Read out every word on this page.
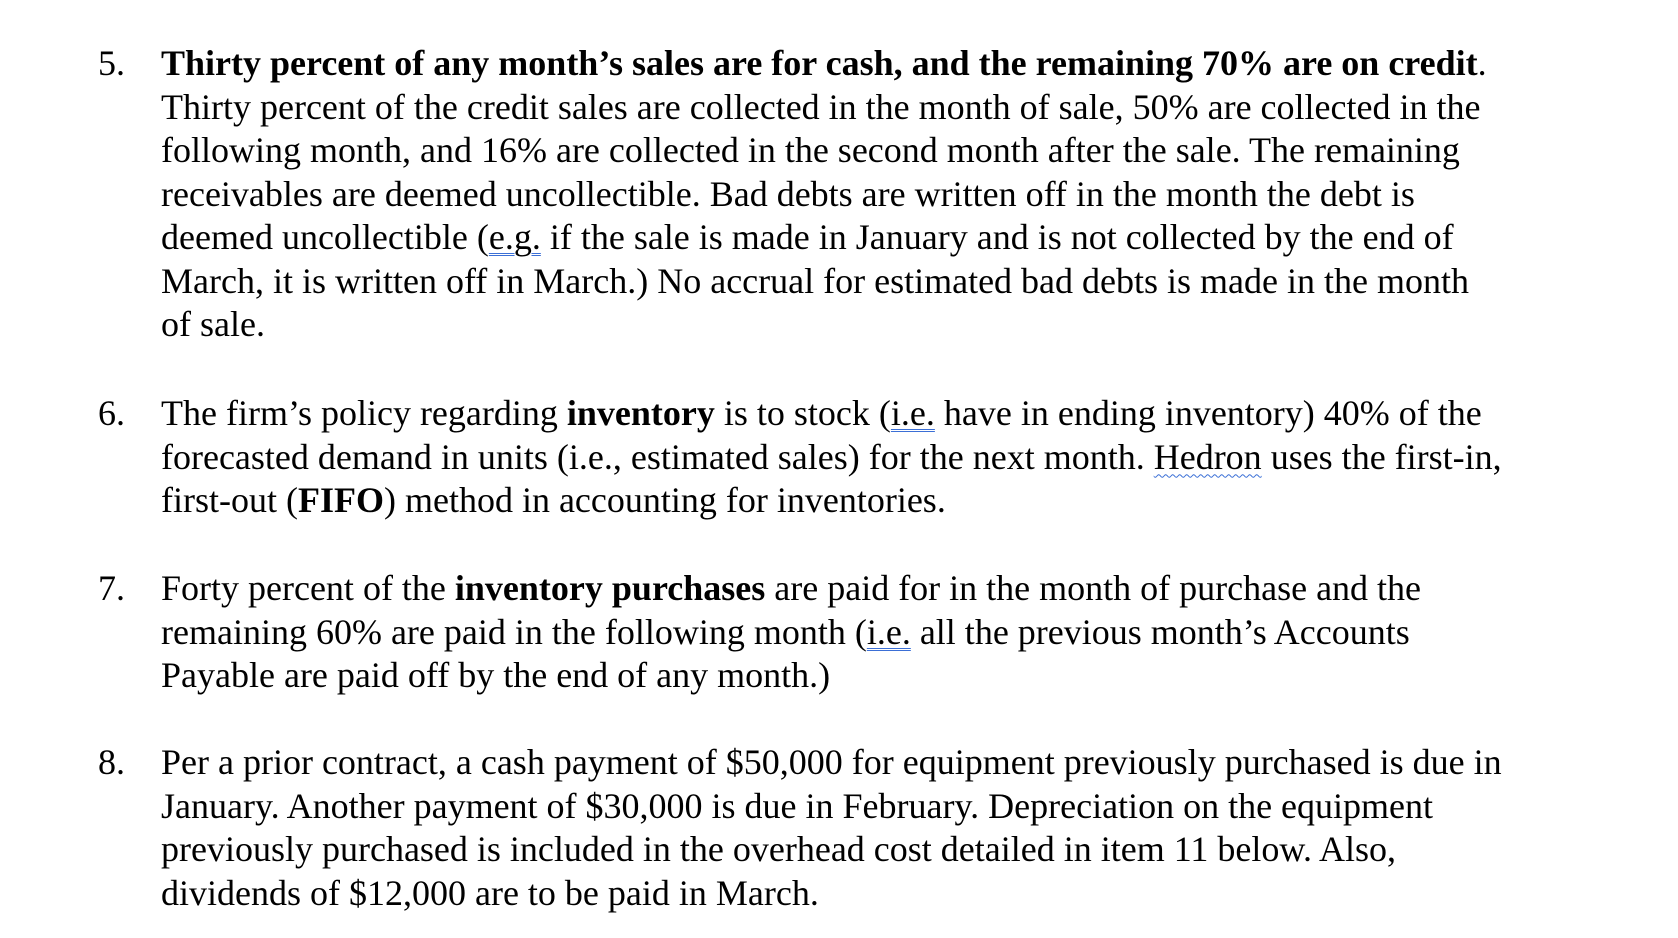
5.	Thirty percent of any month’s sales are for cash, and the remaining 70% are on credit.
Thirty percent of the credit sales are collected in the month of sale, 50% are collected in the
following month, and 16% are collected in the second month after the sale. The remaining
receivables are deemed uncollectible. Bad debts are written off in the month the debt is
deemed uncollectible (e.g. if the sale is made in January and is not collected by the end of
March, it is written off in March.) No accrual for estimated bad debts is made in the month
of sale.
6.	The firm’s policy regarding inventory is to stock (i.e. have in ending inventory) 40% of the
forecasted demand in units (i.e., estimated sales) for the next month. Hedron uses the first-in,
first-out (FIFO) method in accounting for inventories.
7.	Forty percent of the inventory purchases are paid for in the month of purchase and the
remaining 60% are paid in the following month (i.e. all the previous month’s Accounts
Payable are paid off by the end of any month.)
8.	Per a prior contract, a cash payment of $50,000 for equipment previously purchased is due in
January. Another payment of $30,000 is due in February. Depreciation on the equipment
previously purchased is included in the overhead cost detailed in item 11 below. Also,
dividends of $12,000 are to be paid in March.
